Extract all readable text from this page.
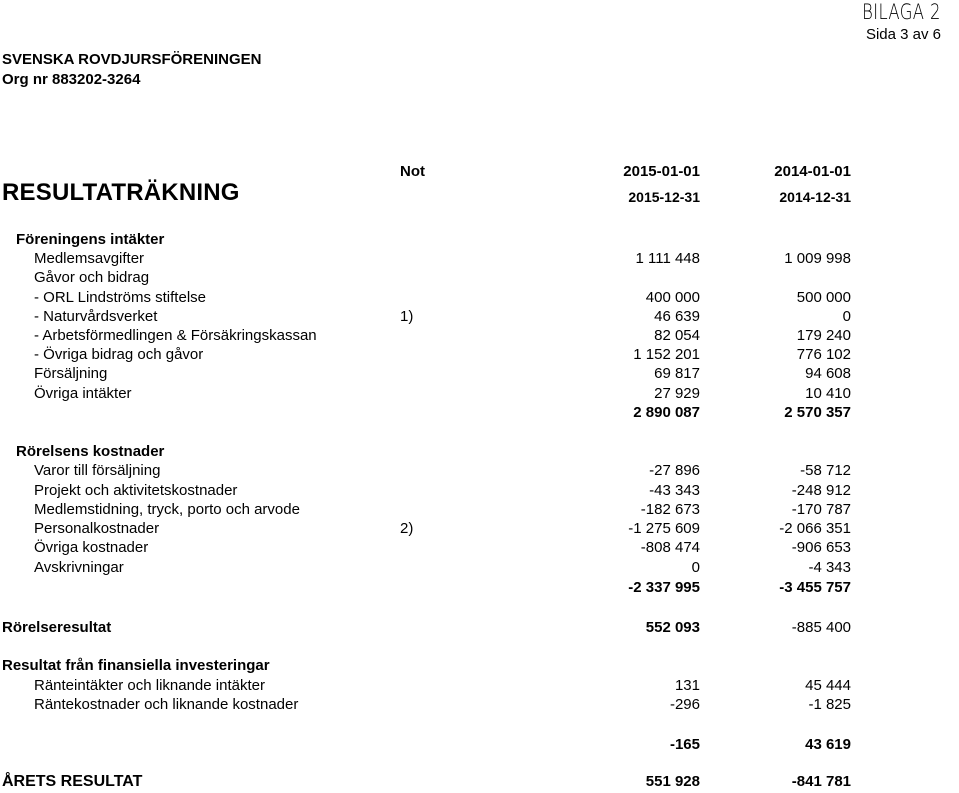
BILAGA 2
Sida 3 av 6
SVENSKA ROVDJURSFÖRENINGEN
Org nr 883202-3264
Not	2015-01-01	2014-01-01
RESULTATRÄKNING	2015-12-31	2014-12-31
Föreningens intäkter
Medlemsavgifter	1 111 448	1 009 998
Gåvor och bidrag
- ORL Lindströms stiftelse	400 000	500 000
- Naturvårdsverket	1)	46 639	0
- Arbetsförmedlingen & Försäkringskassan	82 054	179 240
- Övriga bidrag och gåvor	1 152 201	776 102
Försäljning	69 817	94 608
Övriga intäkter	27 929	10 410
2 890 087	2 570 357
Rörelsens kostnader
Varor till försäljning	-27 896	-58 712
Projekt och aktivitetskostnader	-43 343	-248 912
Medlemstidning, tryck, porto och arvode	-182 673	-170 787
Personalkostnader	2)	-1 275 609	-2 066 351
Övriga kostnader	-808 474	-906 653
Avskrivningar	0	-4 343
-2 337 995	-3 455 757
Rörelseresultat	552 093	-885 400
Resultat från finansiella investeringar
Ränteintäkter och liknande intäkter	131	45 444
Räntekostnader och liknande kostnader	-296	-1 825
-165	43 619
ÅRETS RESULTAT	551 928	-841 781
